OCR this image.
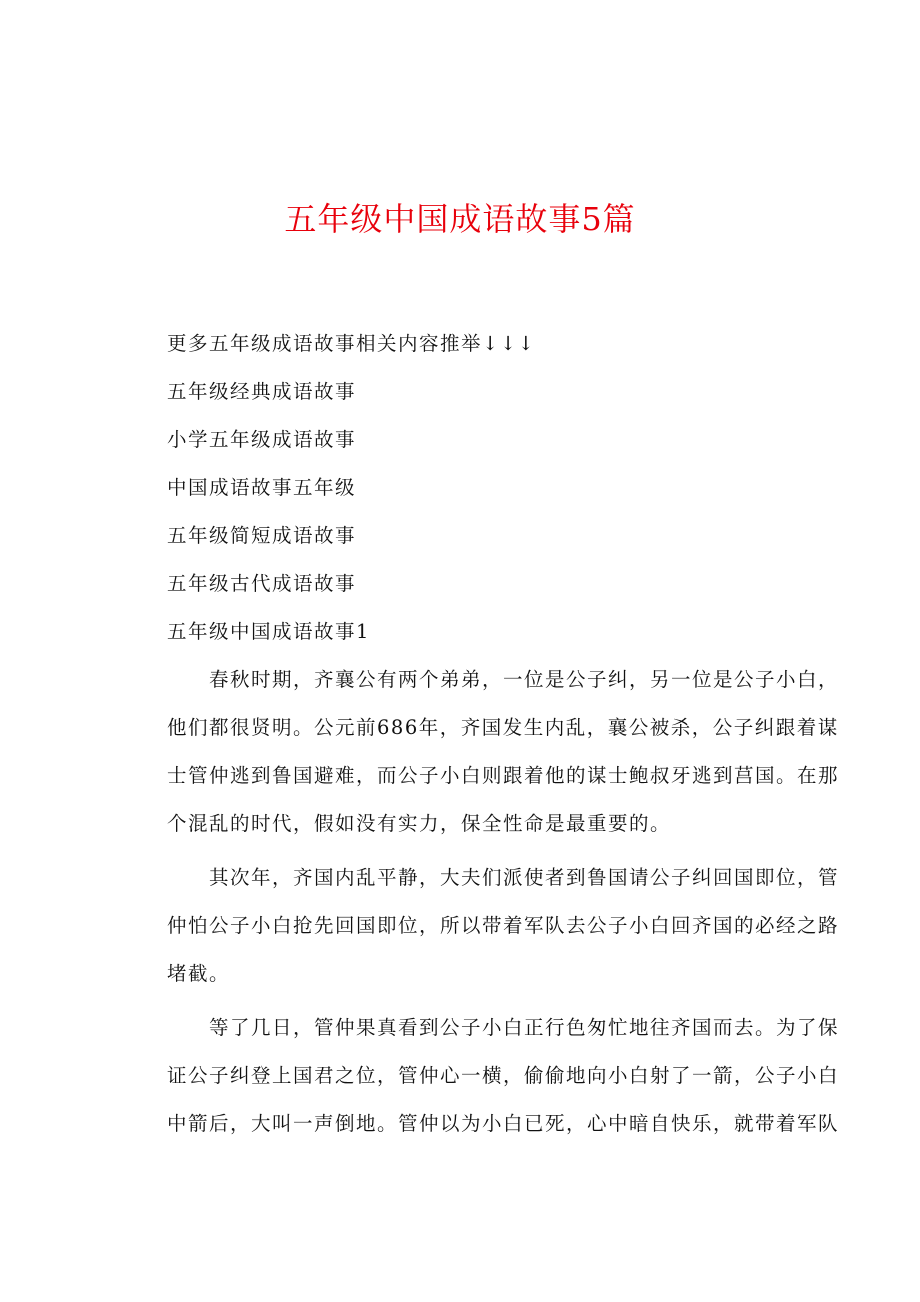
五年级中国成语故事5篇
更多五年级成语故事相关内容推举↓↓↓
五年级经典成语故事
小学五年级成语故事
中国成语故事五年级
五年级简短成语故事
五年级古代成语故事
五年级中国成语故事1
　　春秋时期，齐襄公有两个弟弟，一位是公子纠，另一位是公子小白，
他们都很贤明。公元前686年，齐国发生内乱，襄公被杀，公子纠跟着谋
士管仲逃到鲁国避难，而公子小白则跟着他的谋士鲍叔牙逃到莒国。在那
个混乱的时代，假如没有实力，保全性命是最重要的。
　　其次年，齐国内乱平静，大夫们派使者到鲁国请公子纠回国即位，管
仲怕公子小白抢先回国即位，所以带着军队去公子小白回齐国的必经之路
堵截。
　　等了几日，管仲果真看到公子小白正行色匆忙地往齐国而去。为了保
证公子纠登上国君之位，管仲心一横，偷偷地向小白射了一箭，公子小白
中箭后，大叫一声倒地。管仲以为小白已死，心中暗自快乐，就带着军队
